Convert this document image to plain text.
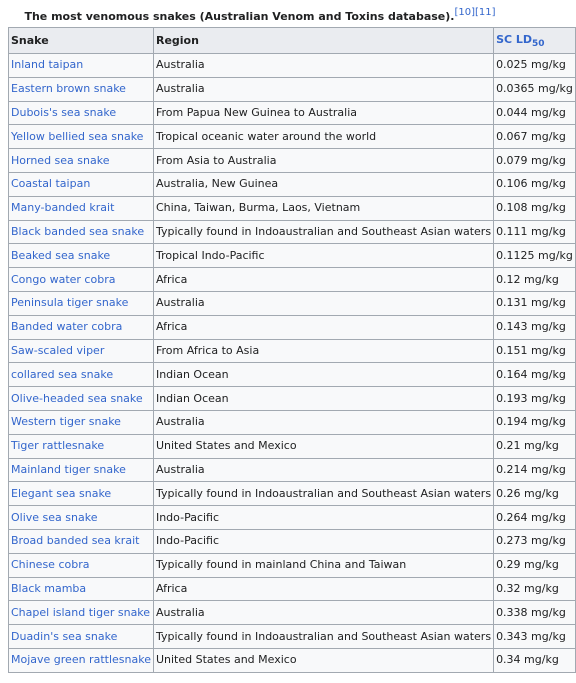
The most venomous snakes (Australian Venom and Toxins database).[10][11]
Snake	Region	SC $LD_{50}$
Inland taipan	Australia	0.025 mg/kg
Eastern brown snake	Australia	0.0365 mg/kg
Dubois's sea snake	From Papua New Guinea to Australia	0.044 mg/kg
Yellow bellied sea snake	Tropical oceanic water around the world	0.067 mg/kg
Horned sea snake	From Asia to Australia	0.079 mg/kg
Coastal taipan	Australia, New Guinea	0.106 mg/kg
Many-banded krait	China, Taiwan, Burma, Laos, Vietnam	0.108 mg/kg
Black banded sea snake	Typically found in Indoaustralian and Southeast Asian waters	0.111 mg/kg
Beaked sea snake	Tropical Indo-Pacific	0.1125 mg/kg
Congo water cobra	Africa	0.12 mg/kg
Peninsula tiger snake	Australia	0.131 mg/kg
Banded water cobra	Africa	0.143 mg/kg
Saw-scaled viper	From Africa to Asia	0.151 mg/kg
collared sea snake	Indian Ocean	0.164 mg/kg
Olive-headed sea snake	Indian Ocean	0.193 mg/kg
Western tiger snake	Australia	0.194 mg/kg
Tiger rattlesnake	United States and Mexico	0.21 mg/kg
Mainland tiger snake	Australia	0.214 mg/kg
Elegant sea snake	Typically found in Indoaustralian and Southeast Asian waters	0.26 mg/kg
Olive sea snake	Indo-Pacific	0.264 mg/kg
Broad banded sea krait	Indo-Pacific	0.273 mg/kg
Chinese cobra	Typically found in mainland China and Taiwan	0.29 mg/kg
Black mamba	Africa	0.32 mg/kg
Chapel island tiger snake	Australia	0.338 mg/kg
Duadin's sea snake	Typically found in Indoaustralian and Southeast Asian waters	0.343 mg/kg
Mojave green rattlesnake	United States and Mexico	0.34 mg/kg
